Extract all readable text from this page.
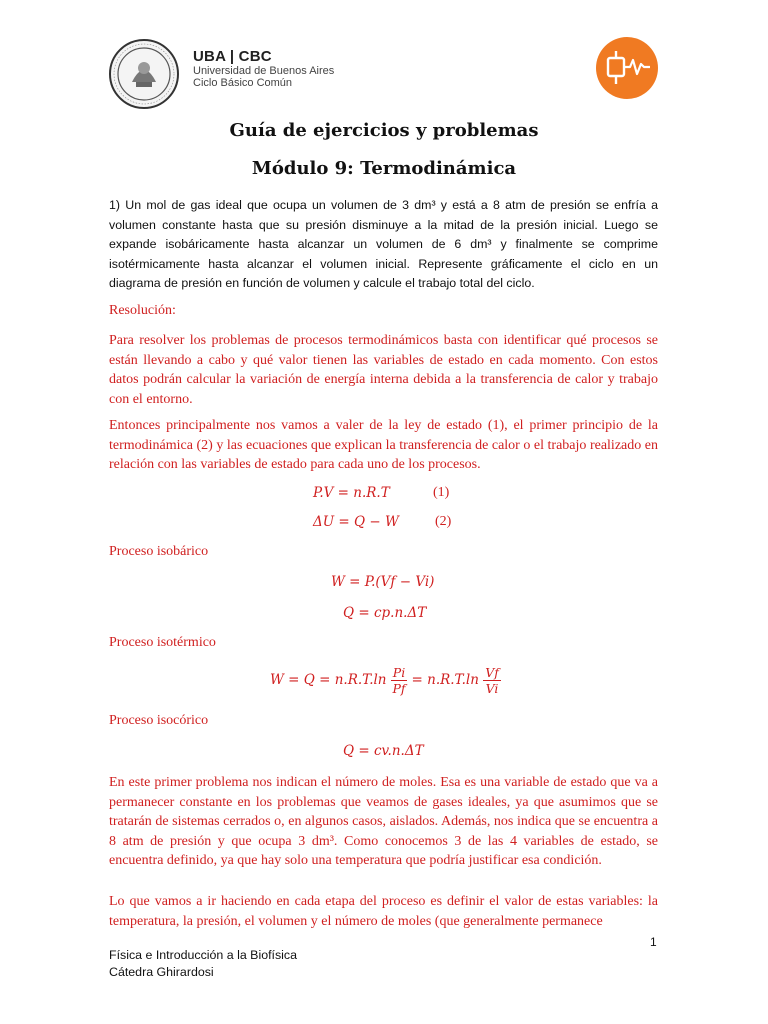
UBA | CBC
Universidad de Buenos Aires
Ciclo Básico Común
Guía de ejercicios y problemas
Módulo 9: Termodinámica
1) Un mol de gas ideal que ocupa un volumen de 3 dm³ y está a 8 atm de presión se enfría a volumen constante hasta que su presión disminuye a la mitad de la presión inicial. Luego se expande isobáricamente hasta alcanzar un volumen de 6 dm³ y finalmente se comprime isotérmicamente hasta alcanzar el volumen inicial. Represente gráficamente el ciclo en un diagrama de presión en función de volumen y calcule el trabajo total del ciclo.
Resolución:
Para resolver los problemas de procesos termodinámicos basta con identificar qué procesos se están llevando a cabo y qué valor tienen las variables de estado en cada momento. Con estos datos podrán calcular la variación de energía interna debida a la transferencia de calor y trabajo con el entorno.
Entonces principalmente nos vamos a valer de la ley de estado (1), el primer principio de la termodinámica (2) y las ecuaciones que explican la transferencia de calor o el trabajo realizado en relación con las variables de estado para cada uno de los procesos.
P.V = n.R.T	(1)
ΔU = Q − W	(2)
Proceso isobárico
W = P.(Vf − Vi)
Q = cp.n.ΔT
Proceso isotérmico
$W = Q = n.R.T.\ln \frac{Pi}{Pf} = n.R.T.\ln \frac{Vf}{Vi}$
Proceso isocórico
Q = cv.n.ΔT
En este primer problema nos indican el número de moles. Esa es una variable de estado que va a permanecer constante en los problemas que veamos de gases ideales, ya que asumimos que se tratarán de sistemas cerrados o, en algunos casos, aislados. Además, nos indica que se encuentra a 8 atm de presión y que ocupa 3 dm³. Como conocemos 3 de las 4 variables de estado, se encuentra definido, ya que hay solo una temperatura que podría justificar esa condición.
Lo que vamos a ir haciendo en cada etapa del proceso es definir el valor de estas variables: la temperatura, la presión, el volumen y el número de moles (que generalmente permanece
1
Física e Introducción a la Biofísica
Cátedra Ghirardosi
